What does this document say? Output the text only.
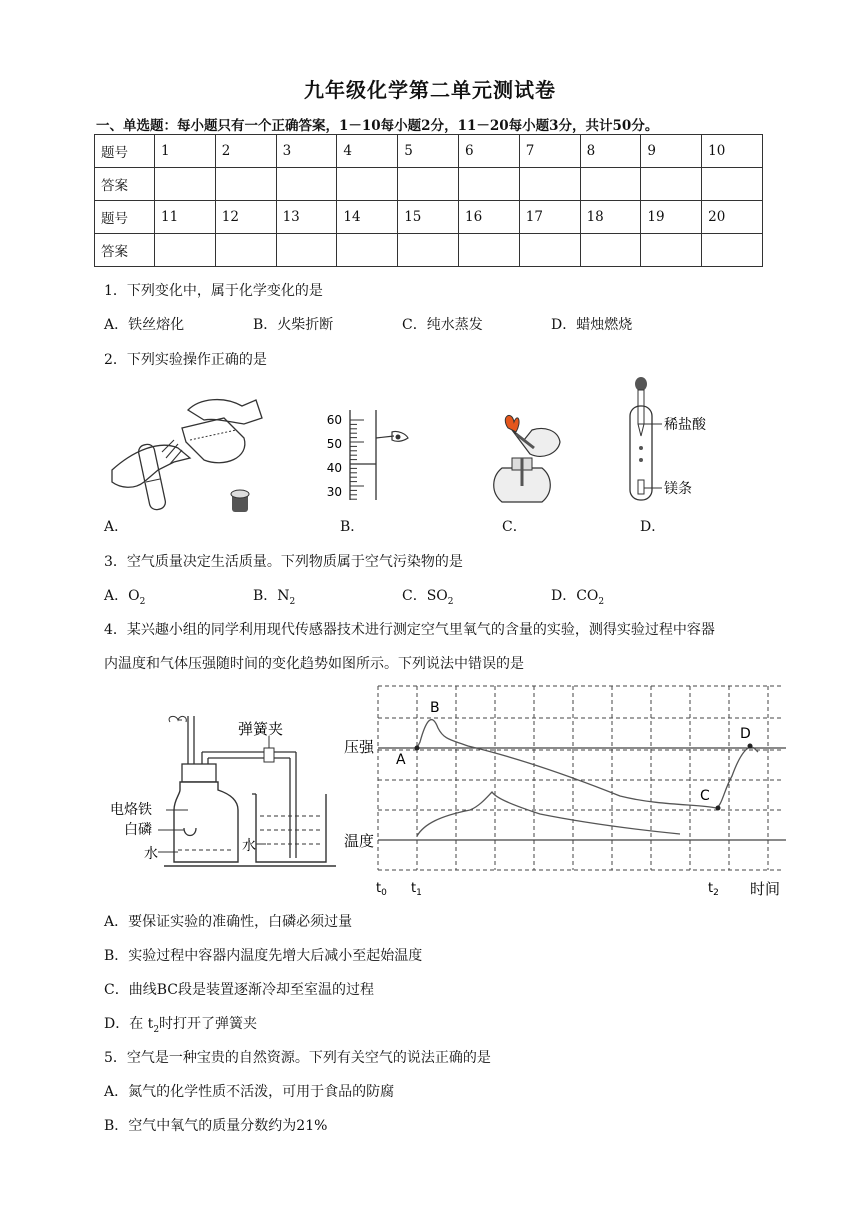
九年级化学第二单元测试卷
一、单选题：每小题只有一个正确答案，1－10每小题2分，11－20每小题3分，共计50分。
题号	1	2	3	4	5	6	7	8	9	10
答案										
题号	11	12	13	14	15	16	17	18	19	20
答案										
1．下列变化中，属于化学变化的是
A．铁丝熔化	B．火柴折断	C．纯水蒸发	D．蜡烛燃烧
2．下列实验操作正确的是
A．
60
50
40
30
B．	C．
稀盐酸
镁条
D．
3．空气质量决定生活质量。下列物质属于空气污染物的是
A．$O_2$	B．$N_2$	C．$SO_2$	D．$CO_2$
4．某兴趣小组的同学利用现代传感器技术进行测定空气里氧气的含量的实验，测得实验过程中容器
内温度和气体压强随时间的变化趋势如图所示。下列说法中错误的是
弹簧夹
电烙铁
白磷
水	水
压强
温度
A
B
C
D
$t_0$ $t_1$	$t_2$ 时间
A．要保证实验的准确性，白磷必须过量
B．实验过程中容器内温度先增大后减小至起始温度
C．曲线BC段是装置逐渐冷却至室温的过程
D．在 $t_2$时打开了弹簧夹
5．空气是一种宝贵的自然资源。下列有关空气的说法正确的是
A．氮气的化学性质不活泼，可用于食品的防腐
B．空气中氧气的质量分数约为21%
